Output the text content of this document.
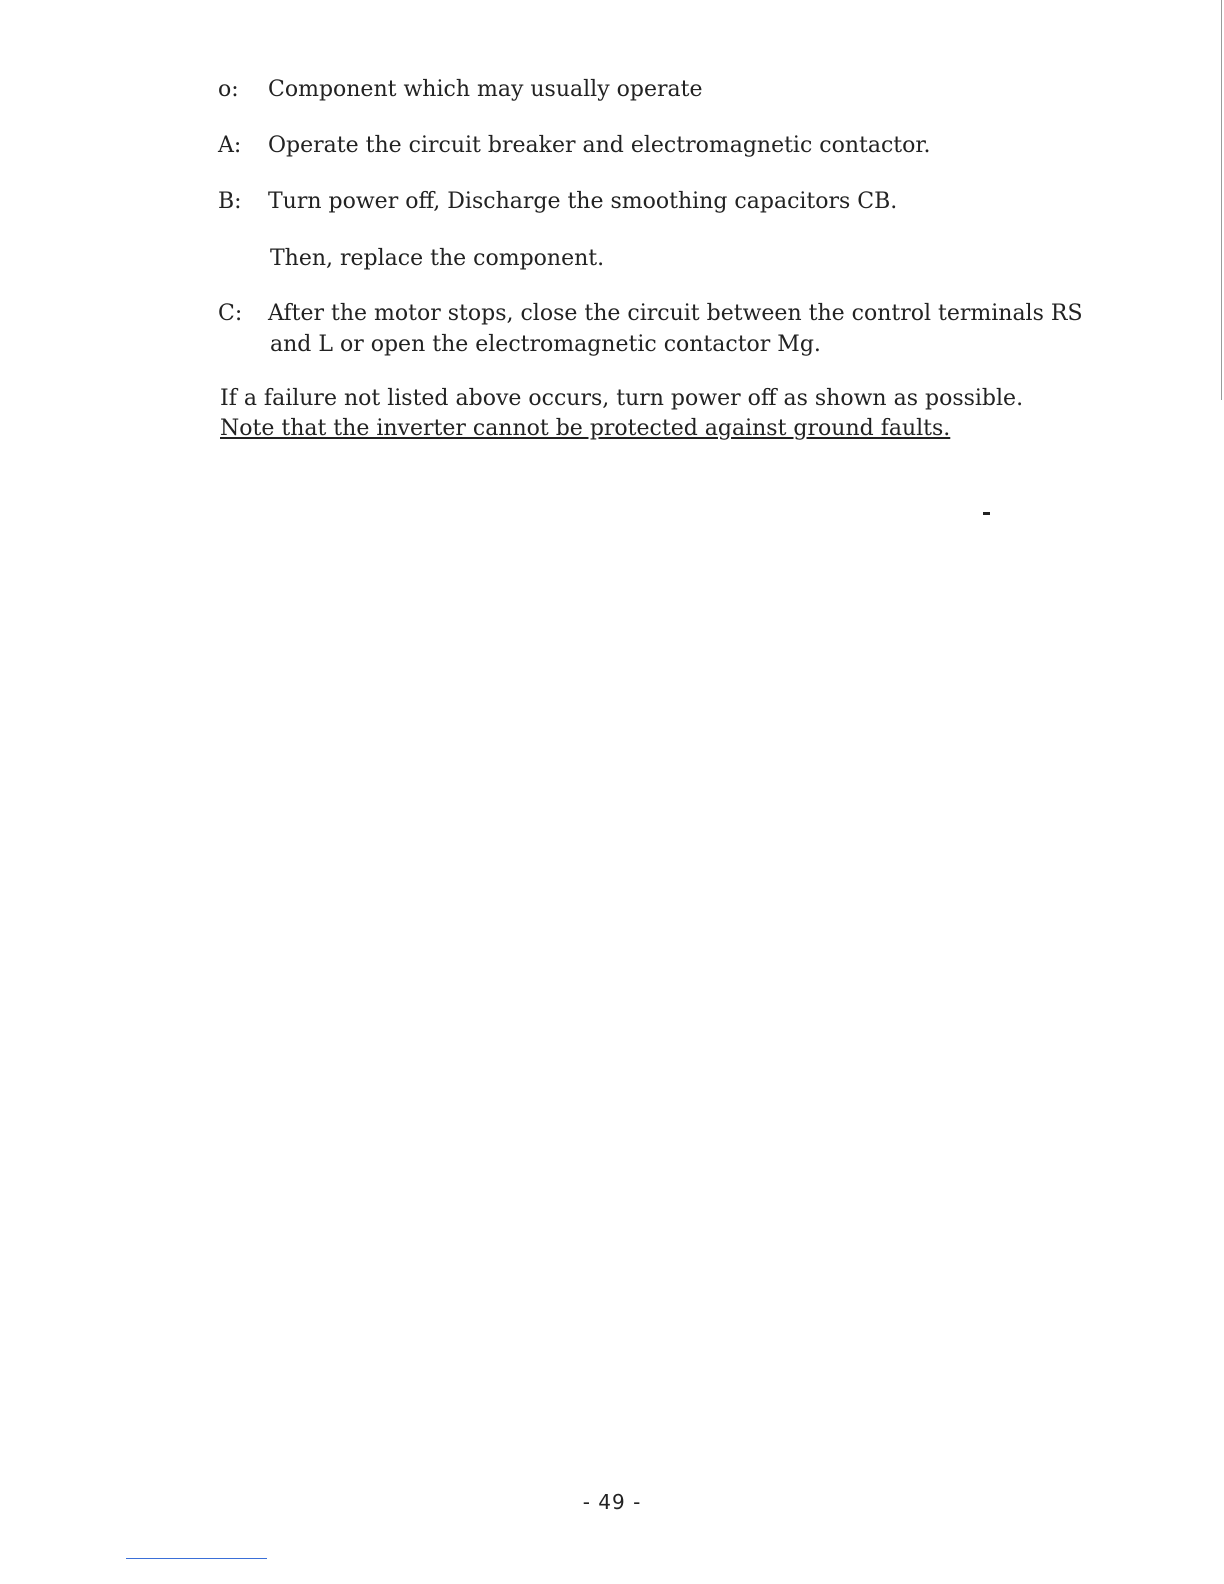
o: Component which may usually operate
A: Operate the circuit breaker and electromagnetic contactor.
B: Turn power off, Discharge the smoothing capacitors CB.
Then, replace the component.
C: After the motor stops, close the circuit between the control terminals RS
and L or open the electromagnetic contactor Mg.
If a failure not listed above occurs, turn power off as shown as possible. Note that the inverter cannot be protected against ground faults.
- 49 -
